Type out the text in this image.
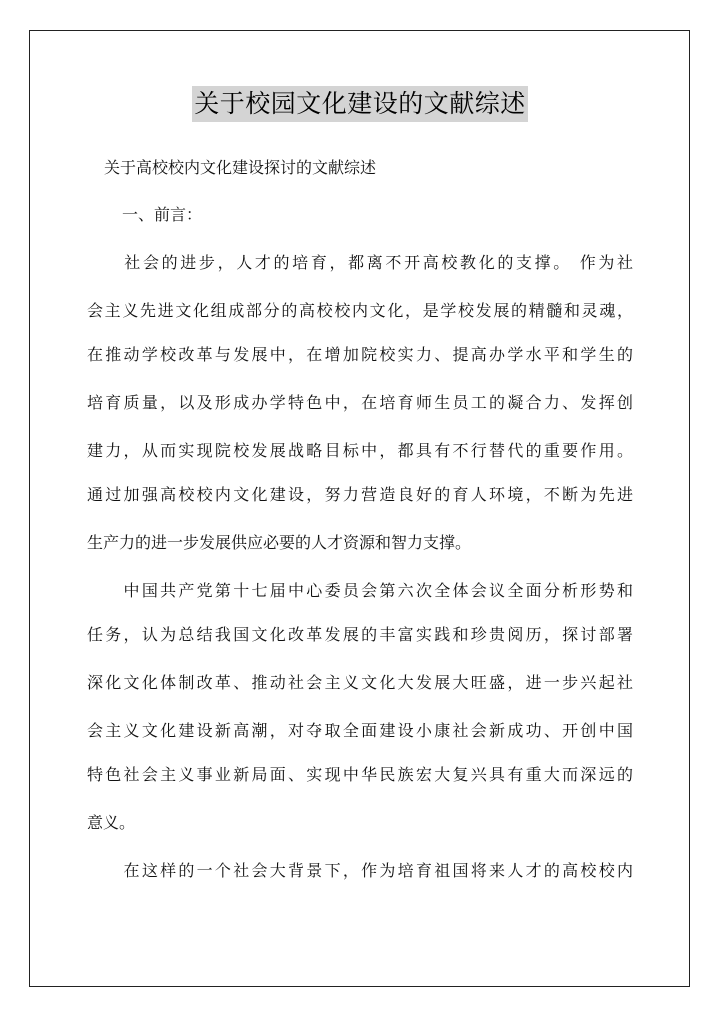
关于校园文化建设的文献综述
关于高校校内文化建设探讨的文献综述
一、前言：
　　社会的进步，人才的培育，都离不开高校教化的支撑。 作为社
会主义先进文化组成部分的高校校内文化，是学校发展的精髓和灵魂，
在推动学校改革与发展中，在增加院校实力、提高办学水平和学生的
培育质量，以及形成办学特色中，在培育师生员工的凝合力、发挥创
建力，从而实现院校发展战略目标中，都具有不行替代的重要作用。
通过加强高校校内文化建设，努力营造良好的育人环境，不断为先进
生产力的进一步发展供应必要的人才资源和智力支撑。
　　中国共产党第十七届中心委员会第六次全体会议全面分析形势和
任务，认为总结我国文化改革发展的丰富实践和珍贵阅历，探讨部署
深化文化体制改革、推动社会主义文化大发展大旺盛，进一步兴起社
会主义文化建设新高潮，对夺取全面建设小康社会新成功、开创中国
特色社会主义事业新局面、实现中华民族宏大复兴具有重大而深远的
意义。
　　在这样的一个社会大背景下，作为培育祖国将来人才的高校校内
